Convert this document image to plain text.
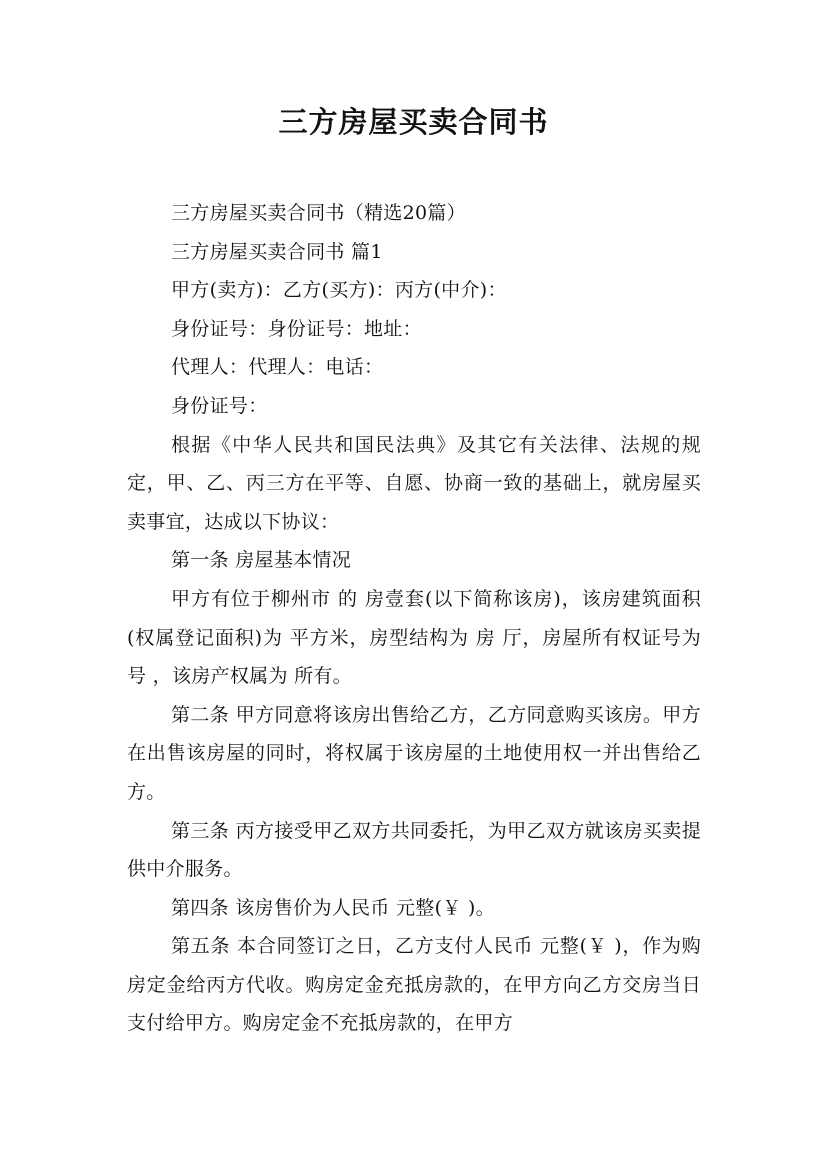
三方房屋买卖合同书

三方房屋买卖合同书（精选20篇）

三方房屋买卖合同书 篇1

甲方(卖方)：乙方(买方)：丙方(中介)：

身份证号：身份证号：地址：

代理人：代理人：电话：

身份证号：

根据《中华人民共和国民法典》及其它有关法律、法规的规定，甲、乙、丙三方在平等、自愿、协商一致的基础上，就房屋买卖事宜，达成以下协议：

第一条 房屋基本情况

甲方有位于柳州市 的 房壹套(以下简称该房)，该房建筑面积(权属登记面积)为 平方米，房型结构为 房 厅，房屋所有权证号为 号 ，该房产权属为 所有。

第二条 甲方同意将该房出售给乙方，乙方同意购买该房。甲方在出售该房屋的同时，将权属于该房屋的土地使用权一并出售给乙方。

第三条 丙方接受甲乙双方共同委托，为甲乙双方就该房买卖提供中介服务。

第四条 该房售价为人民币 元整(￥ )。

第五条 本合同签订之日，乙方支付人民币 元整(￥ )，作为购房定金给丙方代收。购房定金充抵房款的，在甲方向乙方交房当日支付给甲方。购房定金不充抵房款的，在甲方
